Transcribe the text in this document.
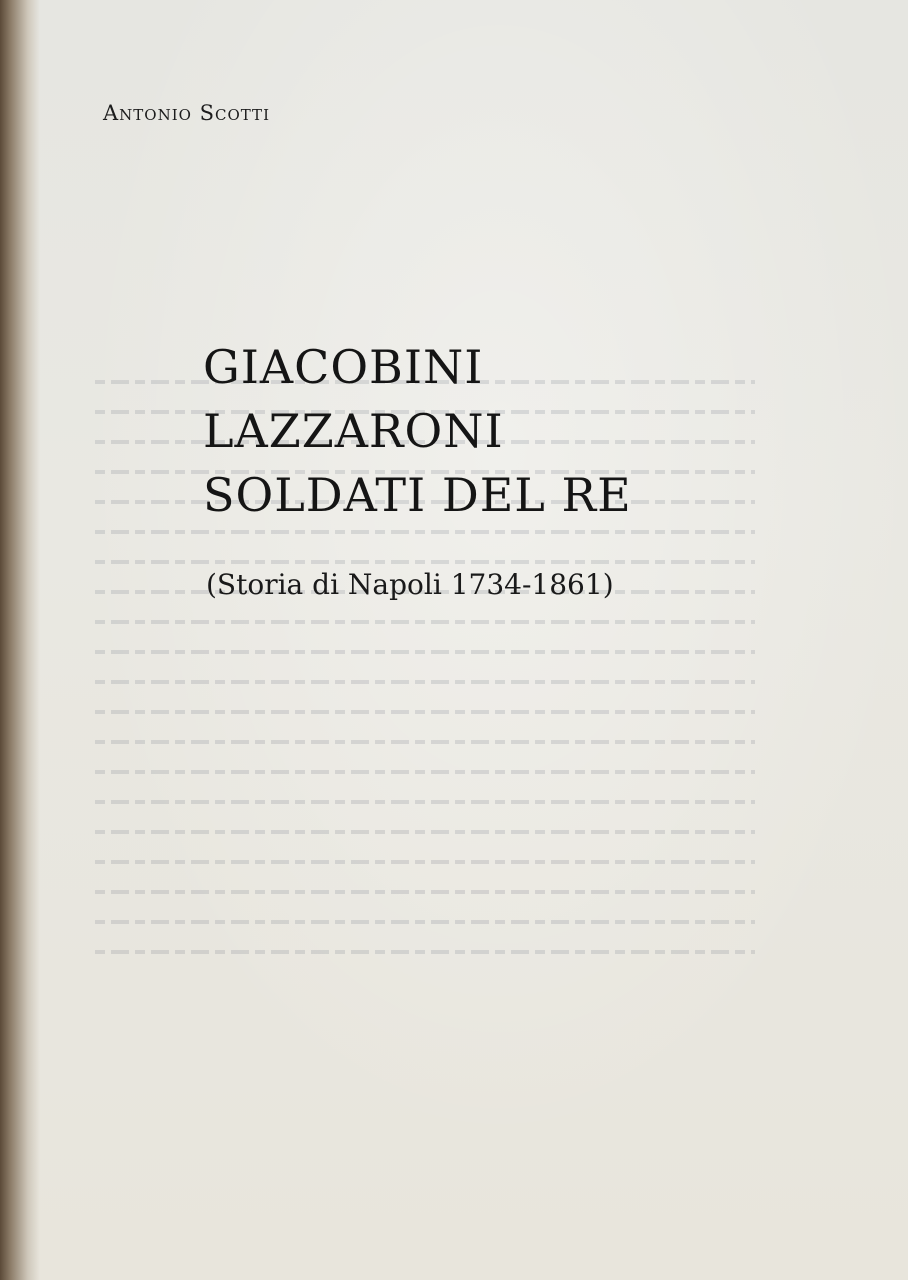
Antonio Scotti
GIACOBINI
LAZZARONI
SOLDATI DEL RE
(Storia di Napoli 1734-1861)
